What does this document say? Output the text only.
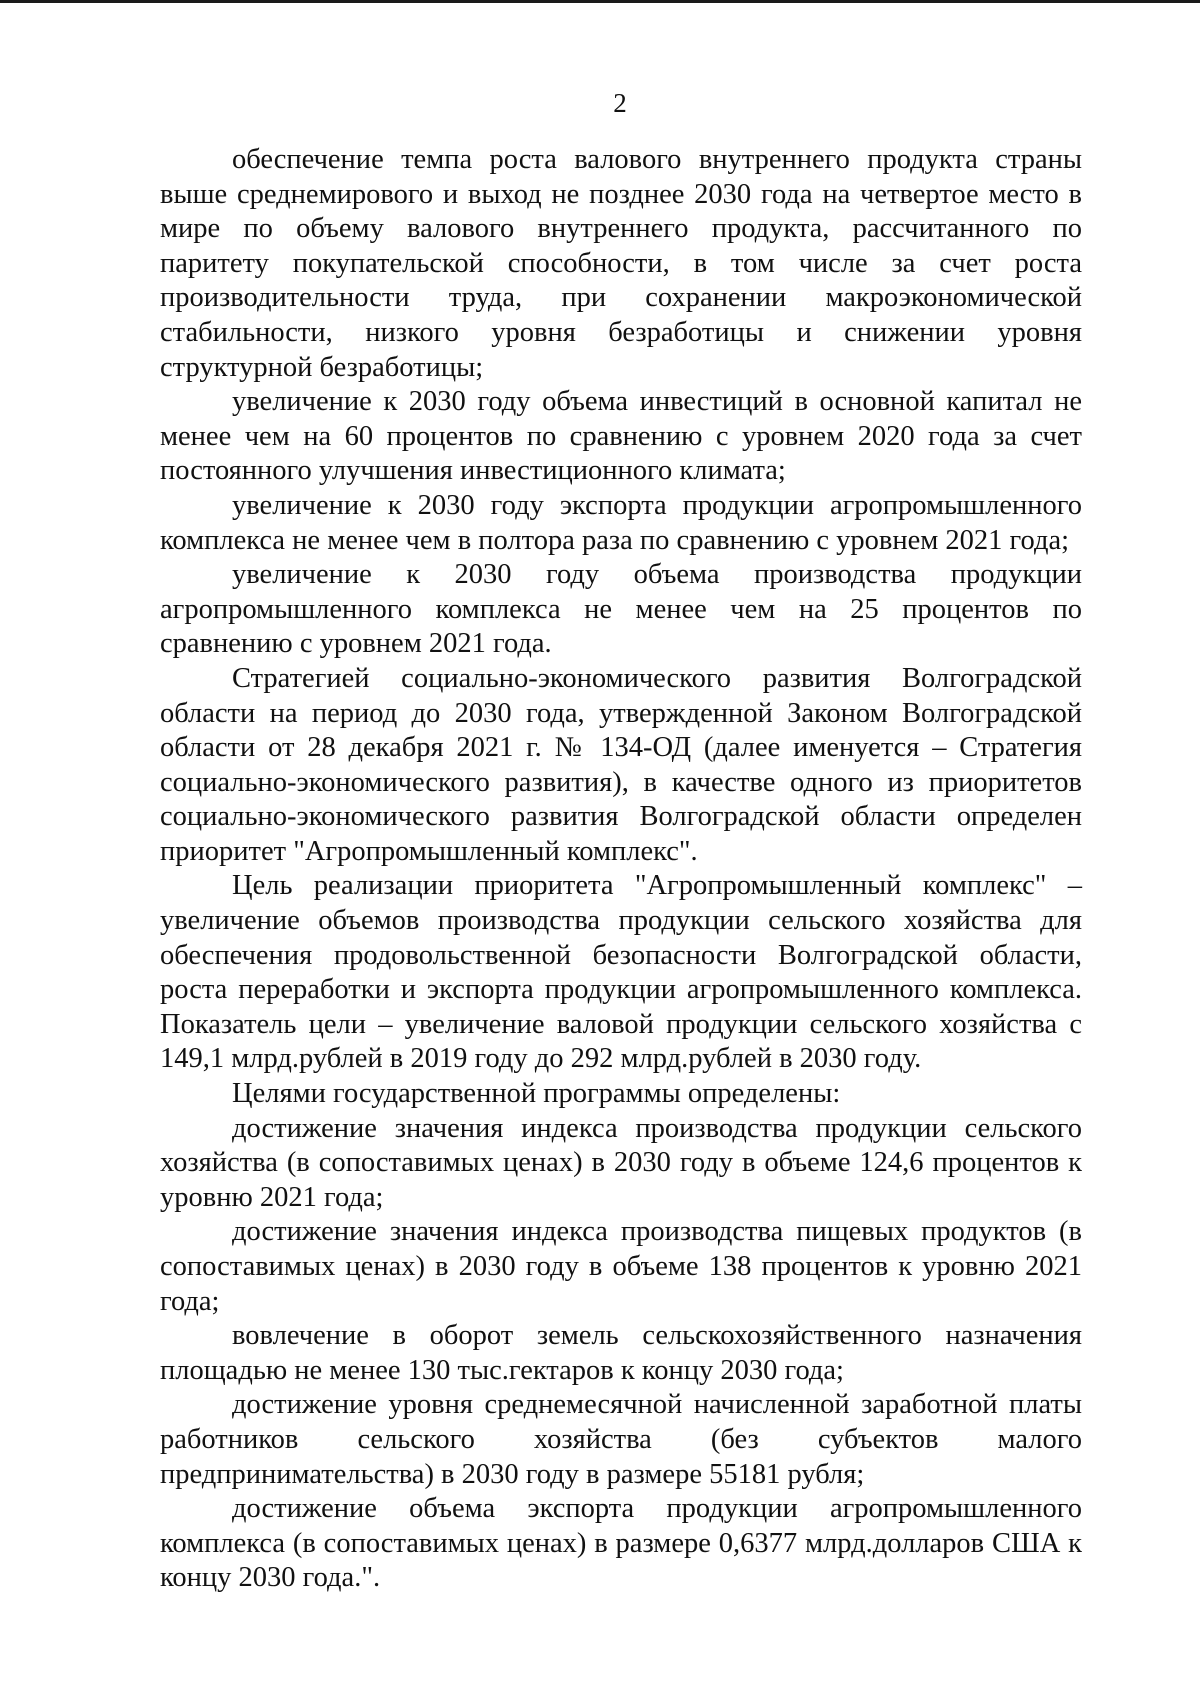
2

обеспечение темпа роста валового внутреннего продукта страны выше среднемирового и выход не позднее 2030 года на четвертое место в мире по объему валового внутреннего продукта, рассчитанного по паритету покупательской способности, в том числе за счет роста производительности труда, при сохранении макроэкономической стабильности, низкого уровня безработицы и снижении уровня структурной безработицы;

увеличение к 2030 году объема инвестиций в основной капитал не менее чем на 60 процентов по сравнению с уровнем 2020 года за счет постоянного улучшения инвестиционного климата;

увеличение к 2030 году экспорта продукции агропромышленного комплекса не менее чем в полтора раза по сравнению с уровнем 2021 года;

увеличение к 2030 году объема производства продукции агропромышленного комплекса не менее чем на 25 процентов по сравнению с уровнем 2021 года.

Стратегией социально-экономического развития Волгоградской области на период до 2030 года, утвержденной Законом Волгоградской области от 28 декабря 2021 г. № 134-ОД (далее именуется – Стратегия социально-экономического развития), в качестве одного из приоритетов социально-экономического развития Волгоградской области определен приоритет "Агропромышленный комплекс".

Цель реализации приоритета "Агропромышленный комплекс" – увеличение объемов производства продукции сельского хозяйства для обеспечения продовольственной безопасности Волгоградской области, роста переработки и экспорта продукции агропромышленного комплекса. Показатель цели – увеличение валовой продукции сельского хозяйства с 149,1 млрд.рублей в 2019 году до 292 млрд.рублей в 2030 году.

Целями государственной программы определены:

достижение значения индекса производства продукции сельского хозяйства (в сопоставимых ценах) в 2030 году в объеме 124,6 процентов к уровню 2021 года;

достижение значения индекса производства пищевых продуктов (в сопоставимых ценах) в 2030 году в объеме 138 процентов к уровню 2021 года;

вовлечение в оборот земель сельскохозяйственного назначения площадью не менее 130 тыс.гектаров к концу 2030 года;

достижение уровня среднемесячной начисленной заработной платы работников сельского хозяйства (без субъектов малого предпринимательства) в 2030 году в размере 55181 рубля;

достижение объема экспорта продукции агропромышленного комплекса (в сопоставимых ценах) в размере 0,6377 млрд.долларов США к концу 2030 года.".
